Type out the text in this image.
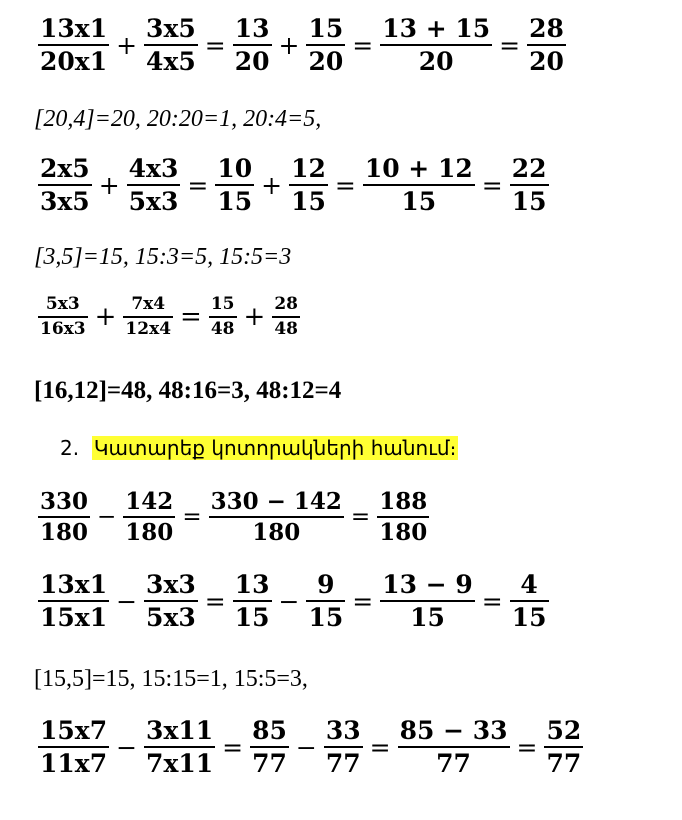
$\frac{13x1}{20x1} + \frac{3x5}{4x5} = \frac{13}{20} + \frac{15}{20} = \frac{13 + 15}{20} = \frac{28}{20}$
[20,4]=20, 20:20=1, 20:4=5,
$\frac{2x5}{3x5} + \frac{4x3}{5x3} = \frac{10}{15} + \frac{12}{15} = \frac{10 + 12}{15} = \frac{22}{15}$
[3,5]=15, 15:3=5, 15:5=3
$\frac{5x3}{16x3} + \frac{7x4}{12x4} = \frac{15}{48} + \frac{28}{48}$
[16,12]=48, 48:16=3, 48:12=4
2.
Կատարեք կոտորակների հանում։
$\frac{330}{180} - \frac{142}{180} = \frac{330 - 142}{180} = \frac{188}{180}$
$\frac{13x1}{15x1} - \frac{3x3}{5x3} = \frac{13}{15} - \frac{9}{15} = \frac{13 - 9}{15} = \frac{4}{15}$
[15,5]=15, 15:15=1, 15:5=3,
$\frac{15x7}{11x7} - \frac{3x11}{7x11} = \frac{85}{77} - \frac{33}{77} = \frac{85 - 33}{77} = \frac{52}{77}$
